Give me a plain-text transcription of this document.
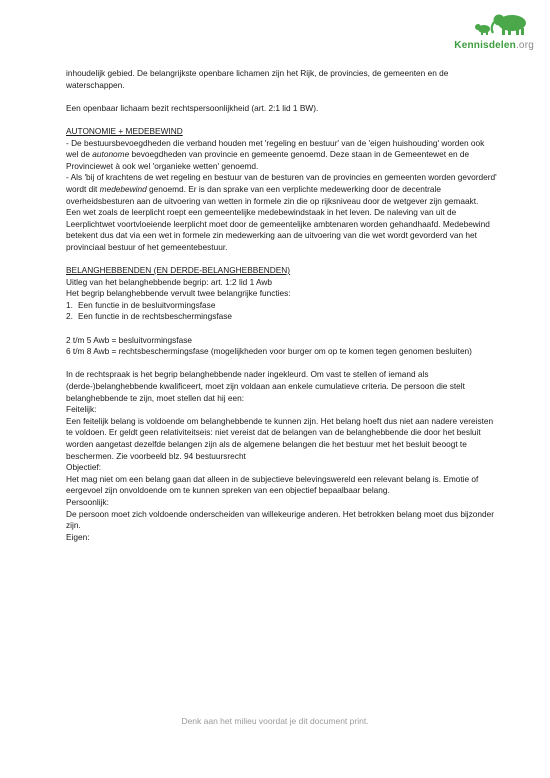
Kennisdelen.org

inhoudelijk gebied. De belangrijkste openbare lichamen zijn het Rijk, de provincies, de gemeenten en de waterschappen.

Een openbaar lichaam bezit rechtspersoonlijkheid (art. 2:1 lid 1 BW).

AUTONOMIE + MEDEBEWIND

- De bestuursbevoegdheden die verband houden met 'regeling en bestuur' van de 'eigen huishouding' worden ook wel de autonome bevoegdheden van provincie en gemeente genoemd. Deze staan in de Gemeentewet en de Provinciewet à ook wel 'organieke wetten' genoemd.

- Als 'bij of krachtens de wet regeling en bestuur van de besturen van de provincies en gemeenten worden gevorderd' wordt dit medebewind genoemd. Er is dan sprake van een verplichte medewerking door de decentrale overheidsbesturen aan de uitvoering van wetten in formele zin die op rijksniveau door de wetgever zijn gemaakt.

Een wet zoals de leerplicht roept een gemeentelijke medebewindstaak in het leven. De naleving van uit de Leerplichtwet voortvloeiende leerplicht moet door de gemeentelijke ambtenaren worden gehandhaafd. Medebewind betekent dus dat via een wet in formele zin medewerking aan de uitvoering van die wet wordt gevorderd van het provinciaal bestuur of het gemeentebestuur.

BELANGHEBBENDEN (EN DERDE-BELANGHEBBENDEN)

Uitleg van het belanghebbende begrip: art. 1:2 lid 1 Awb

Het begrip belanghebbende vervult twee belangrijke functies:

1. Een functie in de besluitvormingsfase
2. Een functie in de rechtsbeschermingsfase

2 t/m 5 Awb = besluitvormingsfase

6 t/m 8 Awb = rechtsbeschermingsfase (mogelijkheden voor burger om op te komen tegen genomen besluiten)

In de rechtspraak is het begrip belanghebbende nader ingekleurd. Om vast te stellen of iemand als (derde-)belanghebbende kwalificeert, moet zijn voldaan aan enkele cumulatieve criteria. De persoon die stelt belanghebbende te zijn, moet stellen dat hij een:

Feitelijk:

Een feitelijk belang is voldoende om belanghebbende te kunnen zijn. Het belang hoeft dus niet aan nadere vereisten te voldoen. Er geldt geen relativiteitseis: niet vereist dat de belangen van de belanghebbende die door het besluit worden aangetast dezelfde belangen zijn als de algemene belangen die het bestuur met het besluit beoogt te beschermen. Zie voorbeeld blz. 94 bestuursrecht

Objectief:

Het mag niet om een belang gaan dat alleen in de subjectieve belevingswereld een relevant belang is. Emotie of eergevoel zijn onvoldoende om te kunnen spreken van een objectief bepaalbaar belang.

Persoonlijk:

De persoon moet zich voldoende onderscheiden van willekeurige anderen. Het betrokken belang moet dus bijzonder zijn.

Eigen:

Denk aan het milieu voordat je dit document print.
